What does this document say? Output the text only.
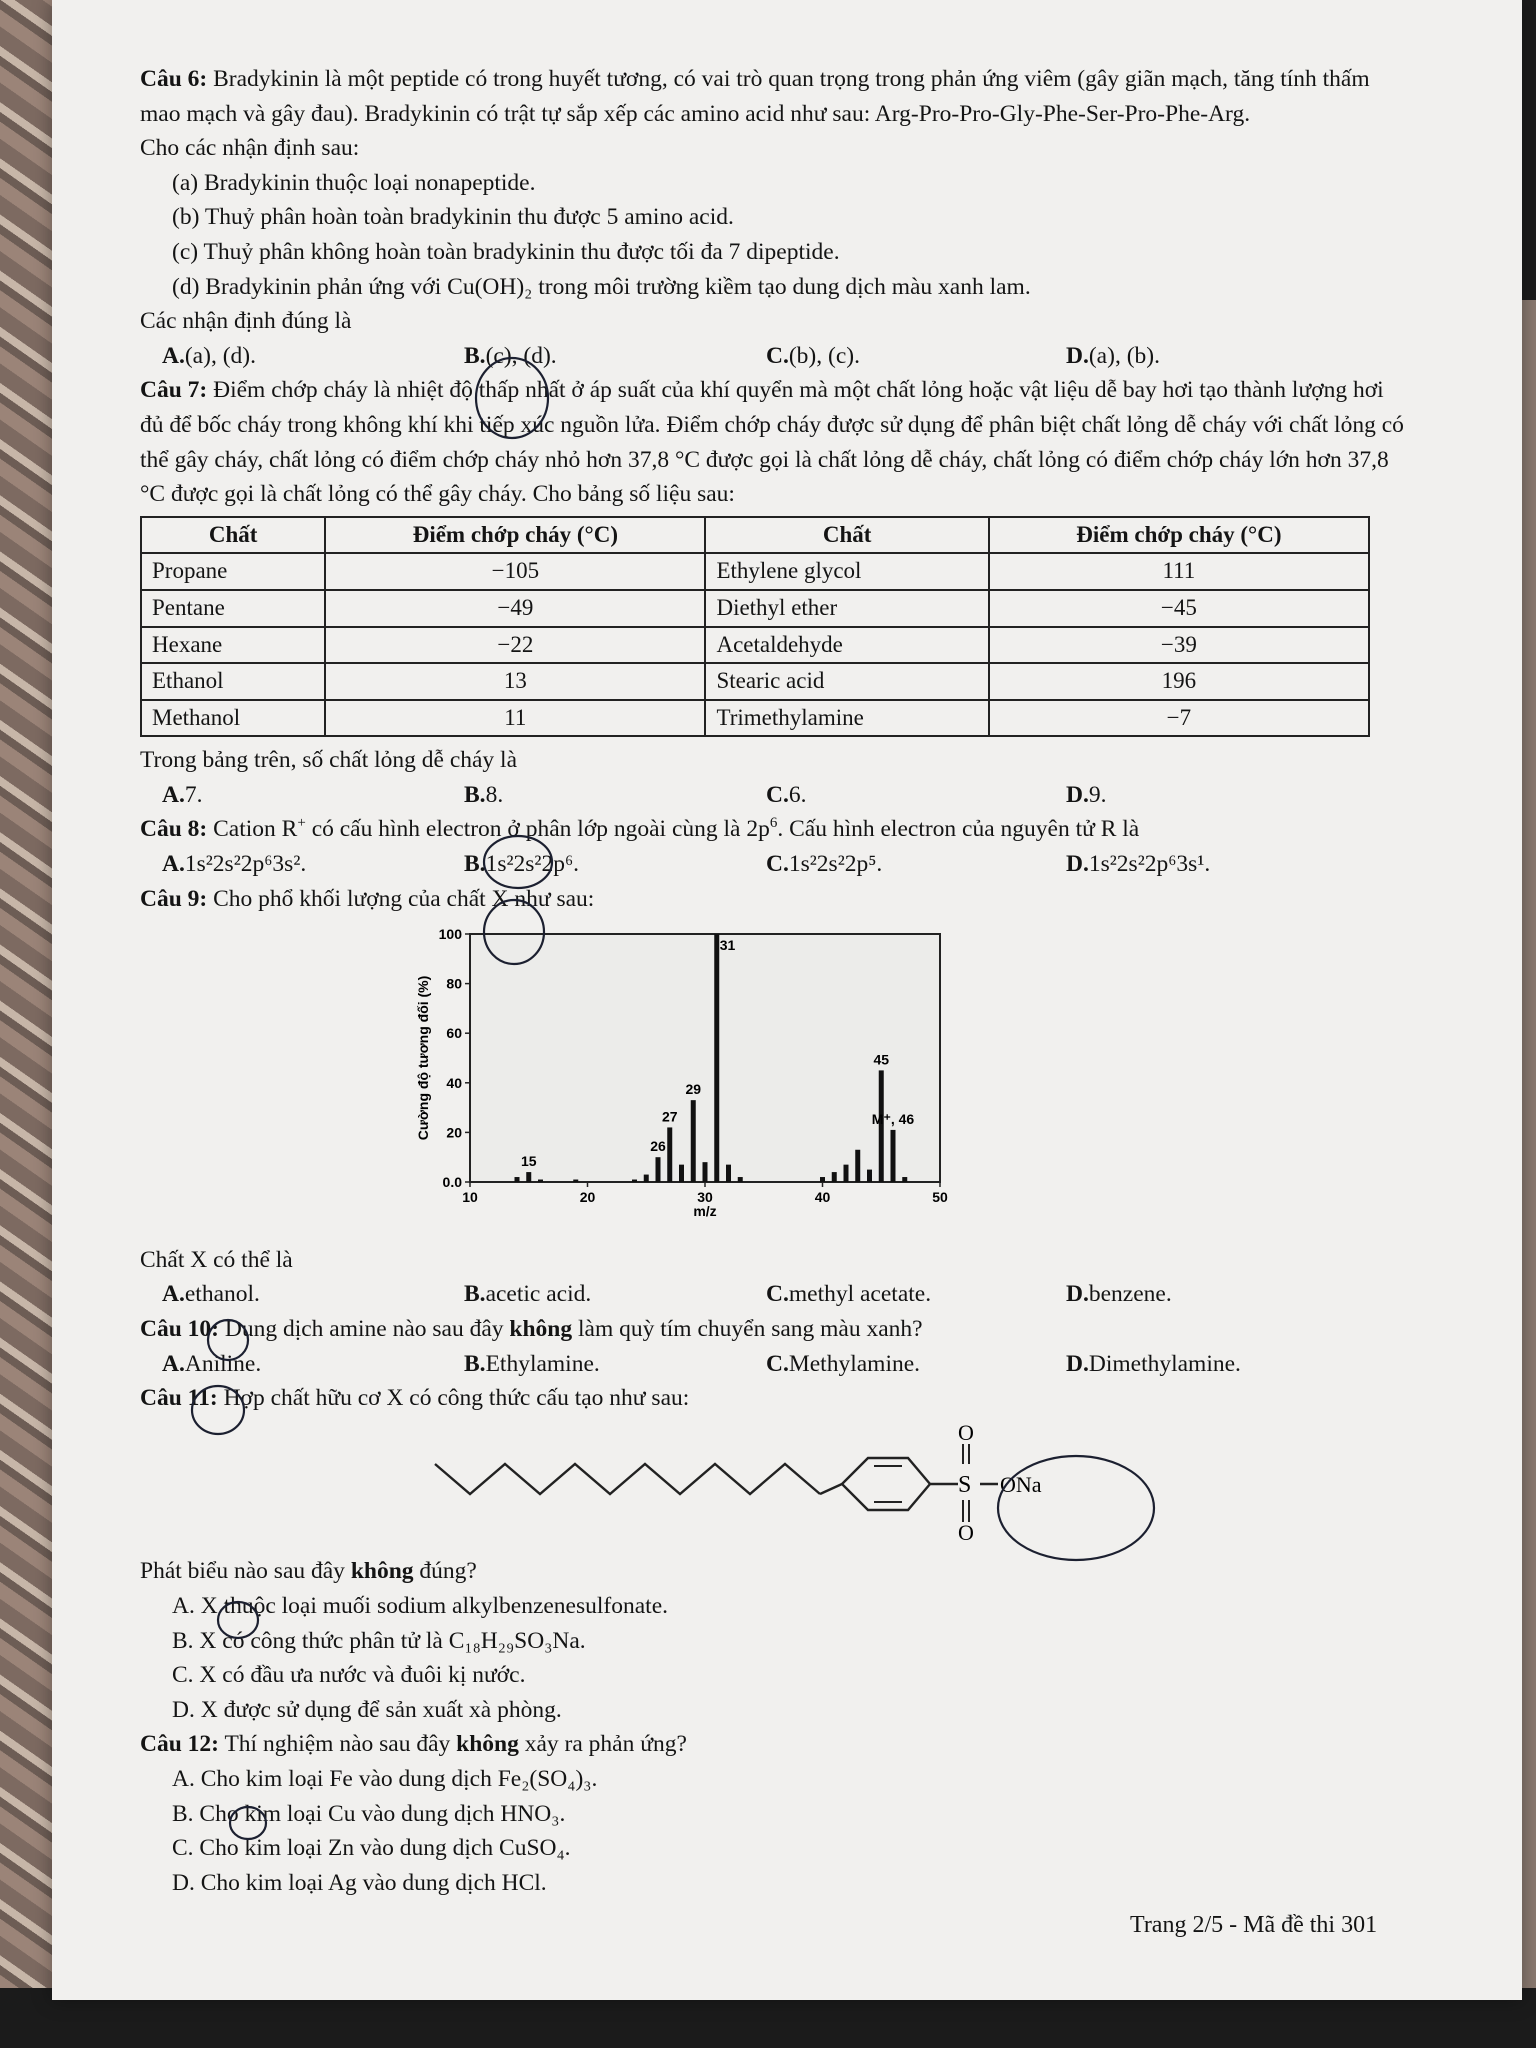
Câu 6: Bradykinin là một peptide có trong huyết tương, có vai trò quan trọng trong phản ứng viêm (gây giãn mạch, tăng tính thấm mao mạch và gây đau). Bradykinin có trật tự sắp xếp các amino acid như sau: Arg-Pro-Pro-Gly-Phe-Ser-Pro-Phe-Arg.

Cho các nhận định sau:

(a) Bradykinin thuộc loại nonapeptide.

(b) Thuỷ phân hoàn toàn bradykinin thu được 5 amino acid.

(c) Thuỷ phân không hoàn toàn bradykinin thu được tối đa 7 dipeptide.

(d) Bradykinin phản ứng với Cu(OH)₂ trong môi trường kiềm tạo dung dịch màu xanh lam.

Các nhận định đúng là

A.(a), (d).	B.(c), (d).	C.(b), (c).	D.(a), (b).

Câu 7: Điểm chớp cháy là nhiệt độ thấp nhất ở áp suất của khí quyển mà một chất lỏng hoặc vật liệu dễ bay hơi tạo thành lượng hơi đủ để bốc cháy trong không khí khi tiếp xúc nguồn lửa. Điểm chớp cháy được sử dụng để phân biệt chất lỏng dễ cháy với chất lỏng có thể gây cháy, chất lỏng có điểm chớp cháy nhỏ hơn 37,8 °C được gọi là chất lỏng dễ cháy, chất lỏng có điểm chớp cháy lớn hơn 37,8 °C được gọi là chất lỏng có thể gây cháy. Cho bảng số liệu sau:

Chất	Điểm chớp cháy (°C)	Chất	Điểm chớp cháy (°C)
Propane	−105	Ethylene glycol	111
Pentane	−49	Diethyl ether	−45
Hexane	−22	Acetaldehyde	−39
Ethanol	13	Stearic acid	196
Methanol	11	Trimethylamine	−7

Trong bảng trên, số chất lỏng dễ cháy là

A.7.	B.8.	C.6.	D.9.

Câu 8: Cation R+ có cấu hình electron ở phân lớp ngoài cùng là $2p^6$. Cấu hình electron của nguyên tử R là

A.1s²2s²2p⁶3s².	B.1s²2s²2p⁶.	C.1s²2s²2p⁵.	D.1s²2s²2p⁶3s¹.

Câu 9: Cho phổ khối lượng của chất X như sau:

0.0
20
40
60
80
100
10	20	30	40	50
m/z
Cường độ tương đối (%)
15
26
27
29
31
45
M⁺, 46

Chất X có thể là

A.ethanol.	B.acetic acid.	C.methyl acetate.	D.benzene.

Câu 10: Dung dịch amine nào sau đây không làm quỳ tím chuyển sang màu xanh?

A.Aniline.	B.Ethylamine.	C.Methylamine.	D.Dimethylamine.

Câu 11: Hợp chất hữu cơ X có công thức cấu tạo như sau:

S
O
O
ONa

Phát biểu nào sau đây không đúng?

A. X thuộc loại muối sodium alkylbenzenesulfonate.

B. X có công thức phân tử là C₁₈H₂₉SO₃Na.

C. X có đầu ưa nước và đuôi kị nước.

D. X được sử dụng để sản xuất xà phòng.

Câu 12: Thí nghiệm nào sau đây không xảy ra phản ứng?

A. Cho kim loại Fe vào dung dịch Fe₂(SO₄)₃.

B. Cho kim loại Cu vào dung dịch HNO₃.

C. Cho kim loại Zn vào dung dịch CuSO₄.

D. Cho kim loại Ag vào dung dịch HCl.

Trang 2/5 - Mã đề thi 301
